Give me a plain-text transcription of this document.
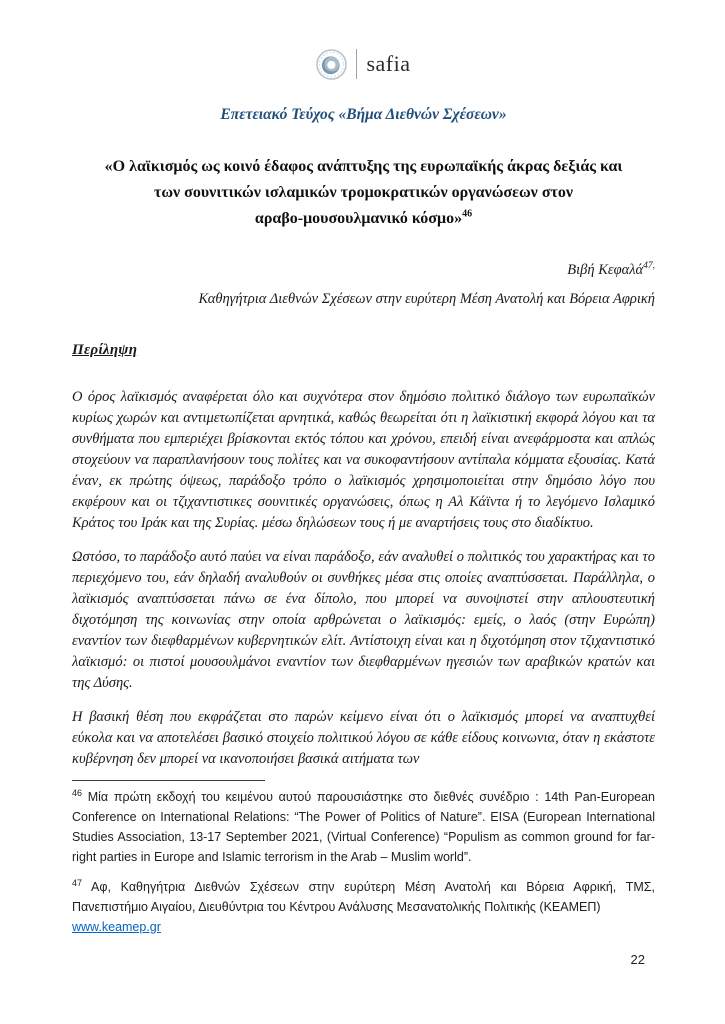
safia
Επετειακό Τεύχος «Βήμα Διεθνών Σχέσεων»
«Ο λαϊκισμός ως κοινό έδαφος ανάπτυξης της ευρωπαϊκής άκρας δεξιάς και
των σουνιτικών ισλαμικών τρομοκρατικών οργανώσεων στον
αραβο-μουσουλμανικό κόσμο»$^{46}$
Βιβή Κεφαλά$^{47,}$
Καθηγήτρια Διεθνών Σχέσεων στην ευρύτερη Μέση Ανατολή και Βόρεια Αφρική
Περίληψη

Ο όρος λαϊκισμός αναφέρεται όλο και συχνότερα στον δημόσιο πολιτικό διάλογο των ευρωπαϊκών κυρίως χωρών και αντιμετωπίζεται αρνητικά, καθώς θεωρείται ότι η λαϊκιστική εκφορά λόγου και τα συνθήματα που εμπεριέχει βρίσκονται εκτός τόπου και χρόνου, επειδή είναι ανεφάρμοστα και απλώς στοχεύουν να παραπλανήσουν τους πολίτες και να συκοφαντήσουν αντίπαλα κόμματα εξουσίας. Κατά έναν, εκ πρώτης όψεως, παράδοξο τρόπο ο λαϊκισμός χρησιμοποιείται στην δημόσιο λόγο που εκφέρουν και οι τζιχαντιστικες σουνιτικές οργανώσεις, όπως η Αλ Κάϊντα ή το λεγόμενο Ισλαμικό Κράτος του Ιράκ και της Συρίας. μέσω δηλώσεων τους ή με αναρτήσεις τους στο διαδίκτυο.

Ωστόσο, το παράδοξο αυτό παύει να είναι παράδοξο, εάν αναλυθεί ο πολιτικός του χαρακτήρας και το περιεχόμενο του, εάν δηλαδή αναλυθούν οι συνθήκες μέσα στις οποίες αναπτύσσεται. Παράλληλα, ο λαϊκισμός αναπτύσσεται πάνω σε ένα δίπολο, που μπορεί να συνοψιστεί στην απλουστευτική διχοτόμηση της κοινωνίας στην οποία αρθρώνεται ο λαϊκισμός: εμείς, ο λαός (στην Ευρώπη) εναντίον των διεφθαρμένων κυβερνητικών ελίτ. Αντίστοιχη είναι και η διχοτόμηση στον τζιχαντιστικό λαϊκισμό: οι πιστοί μουσουλμάνοι εναντίον των διεφθαρμένων ηγεσιών των αραβικών κρατών και της Δύσης.

Η βασική θέση που εκφράζεται στο παρών κείμενο είναι ότι ο λαϊκισμός μπορεί να αναπτυχθεί εύκολα και να αποτελέσει βασικό στοιχείο πολιτικού λόγου σε κάθε είδους κοινωνια, όταν η εκάστοτε κυβέρνηση δεν μπορεί να ικανοποιήσει βασικά αιτήματα των

$^{46}$ Μία πρώτη εκδοχή του κειμένου αυτού παρουσιάστηκε στο διεθνές συνέδριο : 14th Pan-European Conference on International Relations: “The Power of Politics of Nature”. EISA (European International Studies Association, 13-17 September 2021, (Virtual Conference) “Populism as common ground for far-right parties in Europe and Islamic terrorism in the Arab – Muslim world”.

$^{47}$ Αφ, Καθηγήτρια Διεθνών Σχέσεων στην ευρύτερη Μέση Ανατολή και Βόρεια Αφρική, ΤΜΣ, Πανεπιστήμιο Αιγαίου, Διευθύντρια του Κέντρου Ανάλυσης Μεσανατολικής Πολιτικής (ΚΕΑΜΕΠ)
www.keamep.gr

22
